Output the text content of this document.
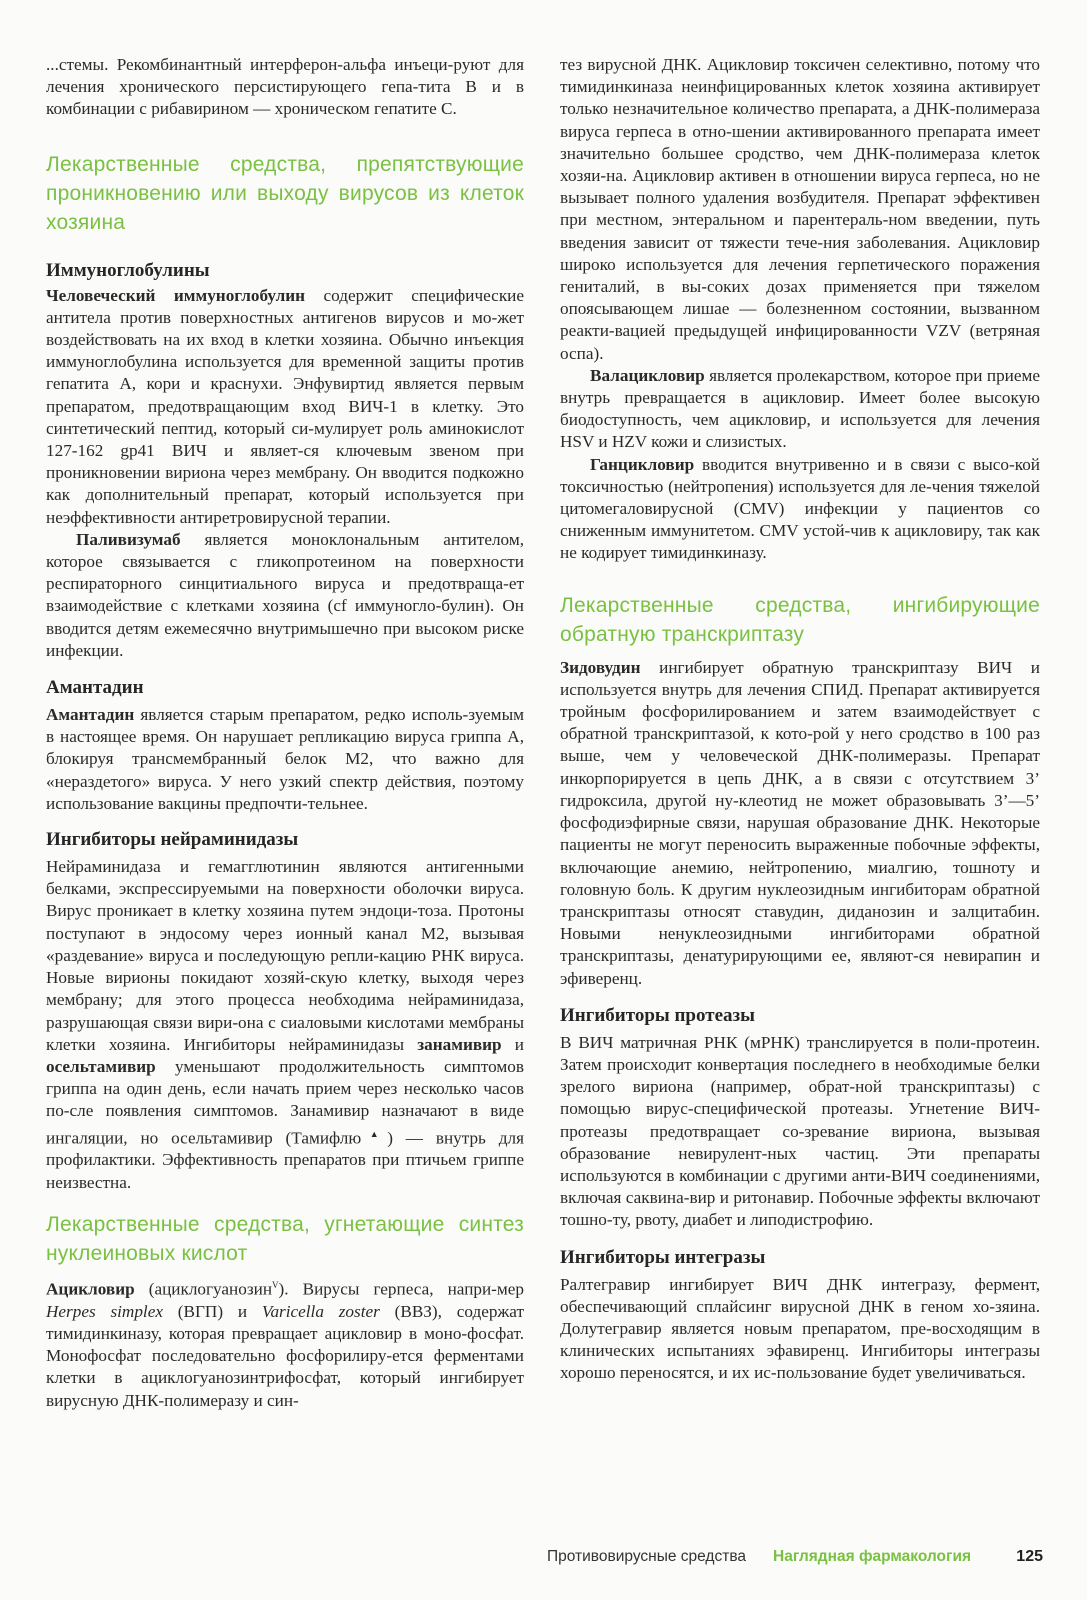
...стемы. Рекомбинантный интерферон-альфа инъеци-руют для лечения хронического персистирующего гепа-тита В и в комбинации с рибавирином — хроническом гепатите С.

Лекарственные средства, препятствующие проникновению или выходу вирусов из клеток хозяина
Иммуноглобулины

Человеческий иммуноглобулин содержит специфические антитела против поверхностных антигенов вирусов и мо-жет воздействовать на их вход в клетки хозяина. Обычно инъекция иммуноглобулина используется для временной защиты против гепатита А, кори и краснухи. Энфувиртид является первым препаратом, предотвращающим вход ВИЧ-1 в клетку. Это синтетический пептид, который си-мулирует роль аминокислот 127-162 gp41 ВИЧ и являет-ся ключевым звеном при проникновении вириона через мембрану. Он вводится подкожно как дополнительный препарат, который используется при неэффективности антиретровирусной терапии.

Паливизумаб является моноклональным антителом, которое связывается с гликопротеином на поверхности респираторного синцитиального вируса и предотвраща-ет взаимодействие с клетками хозяина (cf иммуногло-булин). Он вводится детям ежемесячно внутримышечно при высоком риске инфекции.

Амантадин

Амантадин является старым препаратом, редко исполь-зуемым в настоящее время. Он нарушает репликацию вируса гриппа А, блокируя трансмембранный белок М2, что важно для «нераздетого» вируса. У него узкий спектр действия, поэтому использование вакцины предпочти-тельнее.

Ингибиторы нейраминидазы

Нейраминидаза и гемагглютинин являются антигенными белками, экспрессируемыми на поверхности оболочки вируса. Вирус проникает в клетку хозяина путем эндоци-тоза. Протоны поступают в эндосому через ионный канал М2, вызывая «раздевание» вируса и последующую репли-кацию РНК вируса. Новые вирионы покидают хозяй-скую клетку, выходя через мембрану; для этого процесса необходима нейраминидаза, разрушающая связи вири-она с сиаловыми кислотами мембраны клетки хозяина. Ингибиторы нейраминидазы занамивир и осельтамивир уменьшают продолжительность симптомов гриппа на один день, если начать прием через несколько часов по-сле появления симптомов. Занамивир назначают в виде ингаляции, но осельтамивир (Тамифлю▲) — внутрь для профилактики. Эффективность препаратов при птичьем гриппе неизвестна.

Лекарственные средства, угнетающие синтез нуклеиновых кислот

Ацикловир (ациклогуанозин$^V$). Вирусы герпеса, напри-мер Herpes simplex (ВГП) и Varicella zoster (ВВЗ), содержат тимидинкиназу, которая превращает ацикловир в моно-фосфат. Монофосфат последовательно фосфорилиру-ется ферментами клетки в ациклогуанозинтрифосфат, который ингибирует вирусную ДНК-полимеразу и син-

тез вирусной ДНК. Ацикловир токсичен селективно, потому что тимидинкиназа неинфицированных клеток хозяина активирует только незначительное количество препарата, а ДНК-полимераза вируса герпеса в отно-шении активированного препарата имеет значительно большее сродство, чем ДНК-полимераза клеток хозяи-на. Ацикловир активен в отношении вируса герпеса, но не вызывает полного удаления возбудителя. Препарат эффективен при местном, энтеральном и парентераль-ном введении, путь введения зависит от тяжести тече-ния заболевания. Ацикловир широко используется для лечения герпетического поражения гениталий, в вы-соких дозах применяется при тяжелом опоясывающем лишае — болезненном состоянии, вызванном реакти-вацией предыдущей инфицированности VZV (ветряная оспа).

Валацикловир является пролекарством, которое при приеме внутрь превращается в ацикловир. Имеет более высокую биодоступность, чем ацикловир, и используется для лечения HSV и HZV кожи и слизистых.

Ганцикловир вводится внутривенно и в связи с высо-кой токсичностью (нейтропения) используется для ле-чения тяжелой цитомегаловирусной (CMV) инфекции у пациентов со сниженным иммунитетом. CMV устой-чив к ацикловиру, так как не кодирует тимидинкиназу.

Лекарственные средства, ингибирующие обратную транскриптазу

Зидовудин ингибирует обратную транскриптазу ВИЧ и используется внутрь для лечения СПИД. Препарат активируется тройным фосфорилированием и затем взаимодействует с обратной транскриптазой, к кото-рой у него сродство в 100 раз выше, чем у человеческой ДНК-полимеразы. Препарат инкорпорируется в цепь ДНК, а в связи с отсутствием 3’ гидроксила, другой ну-клеотид не может образовывать 3’—5’ фосфодиэфирные связи, нарушая образование ДНК. Некоторые пациенты не могут переносить выраженные побочные эффекты, включающие анемию, нейтропению, миалгию, тошноту и головную боль. К другим нуклеозидным ингибиторам обратной транскриптазы относят ставудин, диданозин и залцитабин. Новыми ненуклеозидными ингибиторами обратной транскриптазы, денатурирующими ее, являют-ся невирапин и эфиверенц.

Ингибиторы протеазы

В ВИЧ матричная РНК (мРНК) транслируется в поли-протеин. Затем происходит конвертация последнего в необходимые белки зрелого вириона (например, обрат-ной транскриптазы) с помощью вирус-специфической протеазы. Угнетение ВИЧ-протеазы предотвращает со-зревание вириона, вызывая образование невирулент-ных частиц. Эти препараты используются в комбинации с другими анти-ВИЧ соединениями, включая саквина-вир и ритонавир. Побочные эффекты включают тошно-ту, рвоту, диабет и липодистрофию.

Ингибиторы интегразы

Ралтегравир ингибирует ВИЧ ДНК интегразу, фермент, обеспечивающий сплайсинг вирусной ДНК в геном хо-зяина. Долутегравир является новым препаратом, пре-восходящим в клинических испытаниях эфавиренц. Ингибиторы интегразы хорошо переносятся, и их ис-пользование будет увеличиваться.

Противовирусные средства Наглядная фармакология	125
